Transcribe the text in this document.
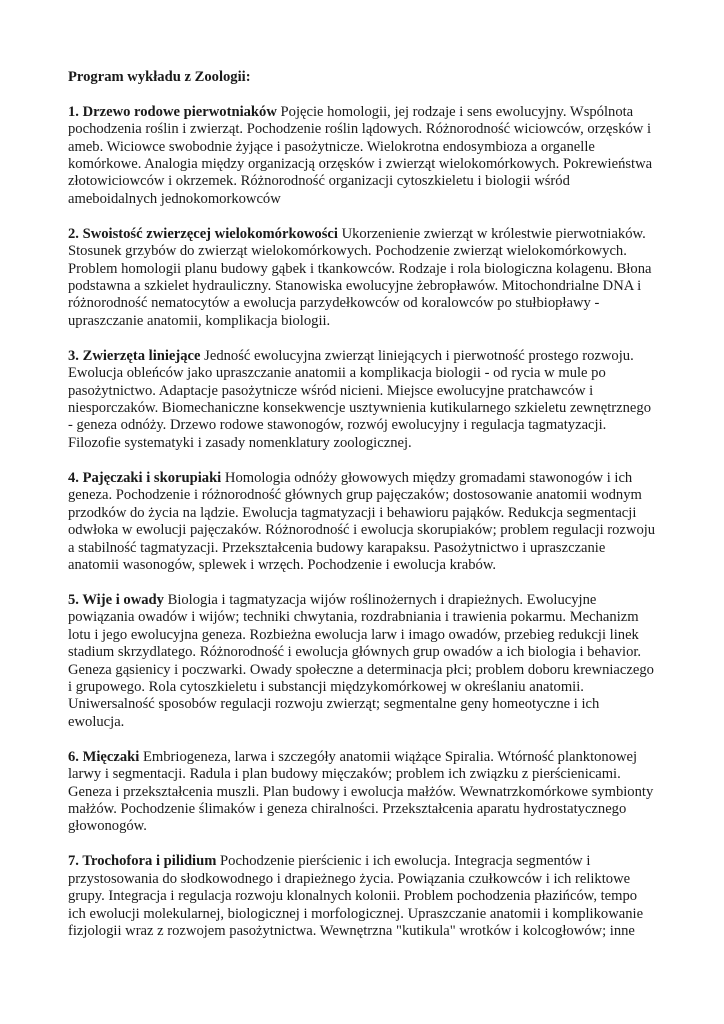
Program wykładu z Zoologii:
1. Drzewo rodowe pierwotniaków Pojęcie homologii, jej rodzaje i sens ewolucyjny. Wspólnota pochodzenia roślin i zwierząt. Pochodzenie roślin lądowych. Różnorodność wiciowców, orzęsków i ameb. Wiciowce swobodnie żyjące i pasożytnicze. Wielokrotna endosymbioza a organelle komórkowe. Analogia między organizacją orzęsków i zwierząt wielokomórkowych. Pokrewieństwa złotowiciowców i okrzemek. Różnorodność organizacji cytoszkieletu i biologii wśród ameboidalnych jednokomorkowców
2. Swoistość zwierzęcej wielokomórkowości Ukorzenienie zwierząt w królestwie pierwotniaków. Stosunek grzybów do zwierząt wielokomórkowych. Pochodzenie zwierząt wielokomórkowych. Problem homologii planu budowy gąbek i tkankowców. Rodzaje i rola biologiczna kolagenu. Błona podstawna a szkielet hydrauliczny. Stanowiska ewolucyjne żebropławów. Mitochondrialne DNA i różnorodność nematocytów a ewolucja parzydełkowców od koralowców po stułbiopławy - upraszczanie anatomii, komplikacja biologii.
3. Zwierzęta liniejące Jedność ewolucyjna zwierząt liniejących i pierwotność prostego rozwoju. Ewolucja obleńców jako upraszczanie anatomii a komplikacja biologii - od rycia w mule po pasożytnictwo. Adaptacje pasożytnicze wśród nicieni. Miejsce ewolucyjne pratchawców i niesporczaków. Biomechaniczne konsekwencje usztywnienia kutikularnego szkieletu zewnętrznego - geneza odnóży. Drzewo rodowe stawonogów, rozwój ewolucyjny i regulacja tagmatyzacji. Filozofie systematyki i zasady nomenklatury zoologicznej.
4. Pajęczaki i skorupiaki Homologia odnóży głowowych między gromadami stawonogów i ich geneza. Pochodzenie i różnorodność głównych grup pajęczaków; dostosowanie anatomii wodnym przodków do życia na lądzie. Ewolucja tagmatyzacji i behawioru pająków. Redukcja segmentacji odwłoka w ewolucji pajęczaków. Różnorodność i ewolucja skorupiaków; problem regulacji rozwoju a stabilność tagmatyzacji. Przekształcenia budowy karapaksu. Pasożytnictwo i upraszczanie anatomii wasonogów, splewek i wrzęch. Pochodzenie i ewolucja krabów.
5. Wije i owady Biologia i tagmatyzacja wijów roślinożernych i drapieżnych. Ewolucyjne powiązania owadów i wijów; techniki chwytania, rozdrabniania i trawienia pokarmu. Mechanizm lotu i jego ewolucyjna geneza. Rozbieżna ewolucja larw i imago owadów, przebieg redukcji linek stadium skrzydlatego. Różnorodność i ewolucja głównych grup owadów a ich biologia i behavior. Geneza gąsienicy i poczwarki. Owady społeczne a determinacja płci; problem doboru krewniaczego i grupowego. Rola cytoszkieletu i substancji międzykomórkowej w określaniu anatomii. Uniwersalność sposobów regulacji rozwoju zwierząt; segmentalne geny homeotyczne i ich ewolucja.
6. Mięczaki Embriogeneza, larwa i szczegóły anatomii wiążące Spiralia. Wtórność planktonowej larwy i segmentacji. Radula i plan budowy mięczaków; problem ich związku z pierścienicami. Geneza i przekształcenia muszli. Plan budowy i ewolucja małżów. Wewnatrzkomórkowe symbionty małżów. Pochodzenie ślimaków i geneza chiralności. Przekształcenia aparatu hydrostatycznego głowonogów.
7. Trochofora i pilidium Pochodzenie pierścienic i ich ewolucja. Integracja segmentów i przystosowania do słodkowodnego i drapieżnego życia. Powiązania czułkowców i ich reliktowe grupy. Integracja i regulacja rozwoju klonalnych kolonii. Problem pochodzenia płazińców, tempo ich ewolucji molekularnej, biologicznej i morfologicznej. Upraszczanie anatomii i komplikowanie fizjologii wraz z rozwojem pasożytnictwa. Wewnętrzna "kutikula" wrotków i kolcogłowów; inne
